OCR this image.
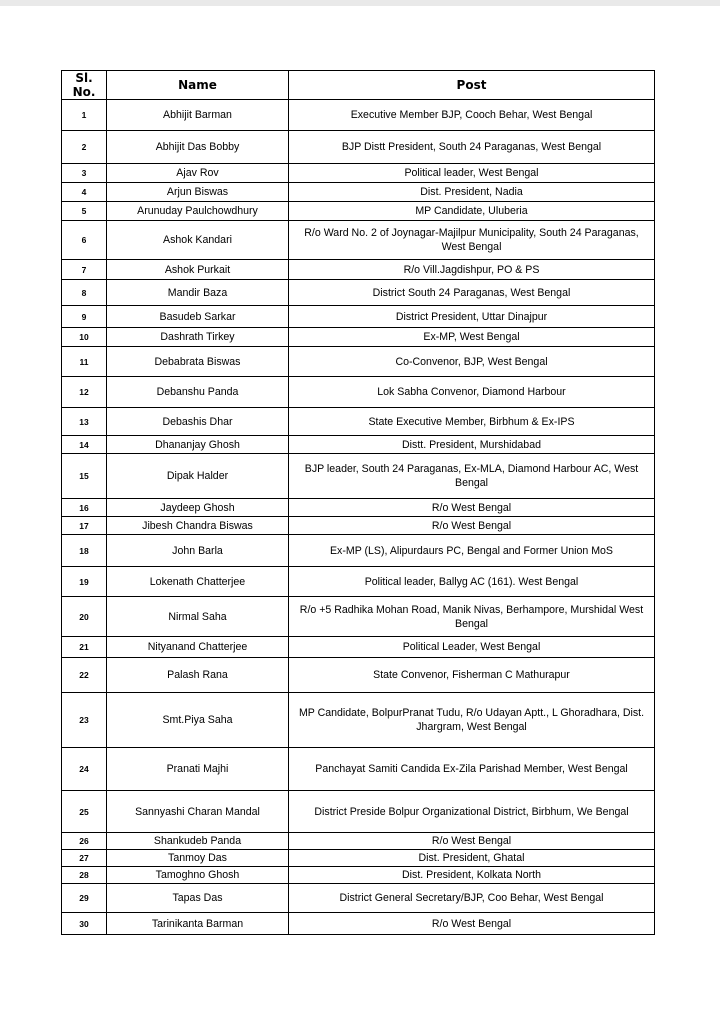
Sl. No.	Name	Post
1	Abhijit Barman	Executive Member BJP, Cooch Behar, West Bengal
2	Abhijit Das Bobby	BJP Distt President, South 24 Paraganas, West Bengal
3	Ajav Rov	Political leader, West Bengal
4	Arjun Biswas	Dist. President, Nadia
5	Arunuday Paulchowdhury	MP Candidate, Uluberia
6	Ashok Kandari	R/o Ward No. 2 of Joynagar-Majilpur Municipality, South 24 Paraganas, West Bengal
7	Ashok Purkait	R/o Vill.Jagdishpur, PO & PS
8	Mandir Baza	District South 24 Paraganas, West Bengal
9	Basudeb Sarkar	District President, Uttar Dinajpur
10	Dashrath Tirkey	Ex-MP, West Bengal
11	Debabrata Biswas	Co-Convenor, BJP, West Bengal
12	Debanshu Panda	Lok Sabha Convenor, Diamond Harbour
13	Debashis Dhar	State Executive Member, Birbhum & Ex-IPS
14	Dhananjay Ghosh	Distt. President, Murshidabad
15	Dipak Halder	BJP leader, South 24 Paraganas, Ex-MLA, Diamond Harbour AC, West Bengal
16	Jaydeep Ghosh	R/o West Bengal
17	Jibesh Chandra Biswas	R/o West Bengal
18	John Barla	Ex-MP (LS), Alipurdaurs PC, Bengal and Former Union MoS
19	Lokenath Chatterjee	Political leader, Ballyg AC (161). West Bengal
20	Nirmal Saha	R/o +5 Radhika Mohan Road, Manik Nivas, Berhampore, Murshidal West Bengal
21	Nityanand Chatterjee	Political Leader, West Bengal
22	Palash Rana	State Convenor, Fisherman C Mathurapur
23	Smt.Piya Saha	MP Candidate, BolpurPranat Tudu, R/o Udayan Aptt., L Ghoradhara, Dist. Jhargram, West Bengal
24	Pranati Majhi	Panchayat Samiti Candida Ex-Zila Parishad Member, West Bengal
25	Sannyashi Charan Mandal	District Preside Bolpur Organizational District, Birbhum, We Bengal
26	Shankudeb Panda	R/o West Bengal
27	Tanmoy Das	Dist. President, Ghatal
28	Tamoghno Ghosh	Dist. President, Kolkata North
29	Tapas Das	District General Secretary/BJP, Coo Behar, West Bengal
30	Tarinikanta Barman	R/o West Bengal
